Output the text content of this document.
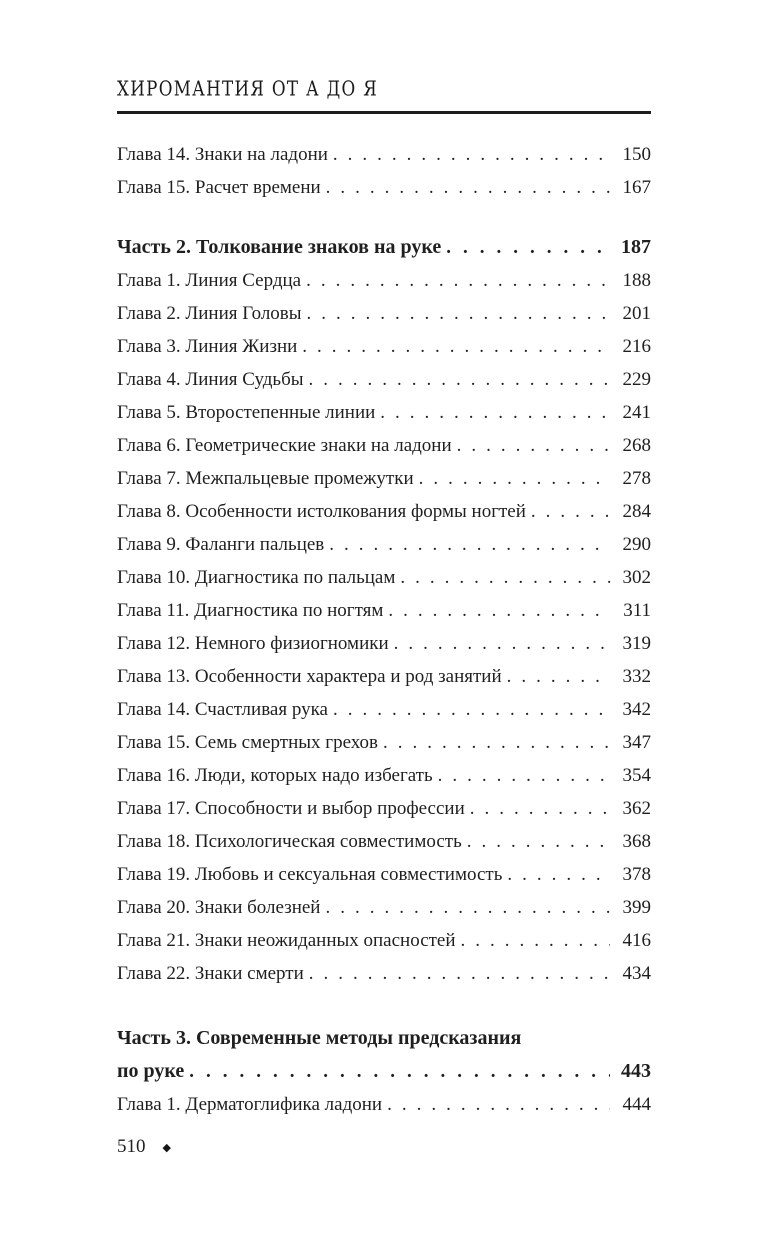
ХИРОМАНТИЯ ОТ А ДО Я
Глава 14. Знаки на ладони .....	150
Глава 15. Расчет времени .....	167
Часть 2. Толкование знаков на руке .....	187
Глава 1. Линия Сердца .....	188
Глава 2. Линия Головы .....	201
Глава 3. Линия Жизни .....	216
Глава 4. Линия Судьбы .....	229
Глава 5. Второстепенные линии .....	241
Глава 6. Геометрические знаки на ладони .....	268
Глава 7. Межпальцевые промежутки .....	278
Глава 8. Особенности истолкования формы ногтей .....	284
Глава 9. Фаланги пальцев .....	290
Глава 10. Диагностика по пальцам .....	302
Глава 11. Диагностика по ногтям .....	311
Глава 12. Немного физиогномики .....	319
Глава 13. Особенности характера и род занятий .....	332
Глава 14. Счастливая рука .....	342
Глава 15. Семь смертных грехов .....	347
Глава 16. Люди, которых надо избегать .....	354
Глава 17. Способности и выбор профессии .....	362
Глава 18. Психологическая совместимость .....	368
Глава 19. Любовь и сексуальная совместимость .....	378
Глава 20. Знаки болезней .....	399
Глава 21. Знаки неожиданных опасностей .....	416
Глава 22. Знаки смерти .....	434
Часть 3. Современные методы предсказания
по руке .....	443
Глава 1. Дерматоглифика ладони .....	444
510 ◆
